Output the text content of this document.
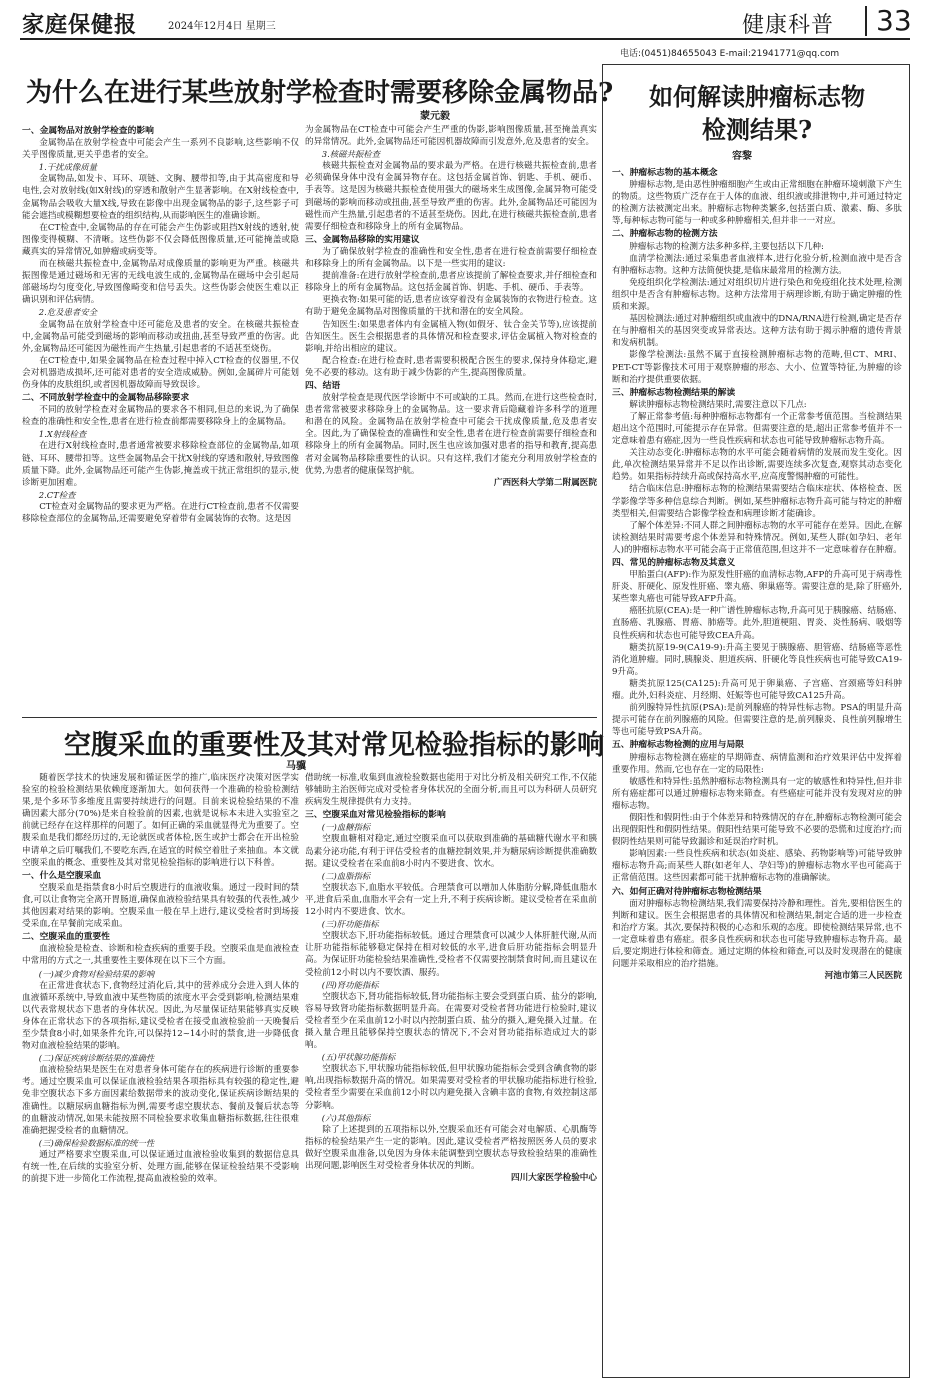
家庭保健报	2024年12月4日 星期三	健康科普 33
电话:(0451)84655043 E-mail:21941771@qq.com
为什么在进行某些放射学检查时需要移除金属物品?
蒙元毅
一、金属物品对放射学检查的影响

金属物品在放射学检查中可能会产生一系列不良影响,这些影响不仅关乎图像质量,更关乎患者的安全。

1.干扰成像质量

金属物品,如发卡、耳环、项链、文胸、腰带扣等,由于其高密度和导电性,会对放射线(如X射线)的穿透和散射产生显著影响。在X射线检查中,金属物品会吸收大量X线,导致在影像中出现金属物品的影子,这些影子可能会遮挡或模糊想要检查的组织结构,从而影响医生的准确诊断。

在CT检查中,金属物品的存在可能会产生伪影或阻挡X射线的透射,使图像变得模糊、不清晰。这些伪影不仅会降低图像质量,还可能掩盖或隐藏真实的异常情况,如肿瘤或病变等。

而在核磁共振检查中,金属物品对成像质量的影响更为严重。核磁共振图像是通过磁场和无害的无线电波生成的,金属物品在磁场中会引起局部磁场均匀度变化,导致图像畸变和信号丢失。这些伪影会使医生难以正确识别和评估病情。

2.危及患者安全

金属物品在放射学检查中还可能危及患者的安全。在核磁共振检查中,金属物品可能受到磁场的影响而移动或扭曲,甚至导致严重的伤害。此外,金属物品还可能因为磁性而产生热量,引起患者的不适甚至烧伤。

在CT检查中,如果金属物品在检查过程中掉入CT检查的仪器里,不仅会对机器造成损坏,还可能对患者的安全造成威胁。例如,金属碎片可能划伤身体的皮肤组织,或者因机器故障而导致误诊。

二、不同放射学检查中的金属物品移除要求

不同的放射学检查对金属物品的要求各不相同,但总的来说,为了确保检查的准确性和安全性,患者在进行检查前都需要移除身上的金属物品。

1.X射线检查

在进行X射线检查时,患者通常被要求移除检查部位的金属物品,如项链、耳环、腰带扣等。这些金属物品会干扰X射线的穿透和散射,导致图像质量下降。此外,金属物品还可能产生伪影,掩盖或干扰正常组织的显示,使诊断更加困难。

2.CT检查

CT检查对金属物品的要求更为严格。在进行CT检查前,患者不仅需要移除检查部位的金属物品,还需要避免穿着带有金属装饰的衣物。这是因

为金属物品在CT检查中可能会产生严重的伪影,影响图像质量,甚至掩盖真实的异常情况。此外,金属物品还可能因机器故障而引发意外,危及患者的安全。

3.核磁共振检查

核磁共振检查对金属物品的要求最为严格。在进行核磁共振检查前,患者必须确保身体中没有金属异物存在。这包括金属首饰、钥匙、手机、硬币、手表等。这是因为核磁共振检查使用强大的磁场来生成图像,金属异物可能受到磁场的影响而移动或扭曲,甚至导致严重的伤害。此外,金属物品还可能因为磁性而产生热量,引起患者的不适甚至烧伤。因此,在进行核磁共振检查前,患者需要仔细检查和移除身上的所有金属物品。

三、金属物品移除的实用建议

为了确保放射学检查的准确性和安全性,患者在进行检查前需要仔细检查和移除身上的所有金属物品。以下是一些实用的建议:

提前准备:在进行放射学检查前,患者应该提前了解检查要求,并仔细检查和移除身上的所有金属物品。这包括金属首饰、钥匙、手机、硬币、手表等。

更换衣物:如果可能的话,患者应该穿着没有金属装饰的衣物进行检查。这有助于避免金属物品对图像质量的干扰和潜在的安全风险。

告知医生:如果患者体内有金属植入物(如假牙、钛合金关节等),应该提前告知医生。医生会根据患者的具体情况和检查要求,评估金属植入物对检查的影响,并给出相应的建议。

配合检查:在进行检查时,患者需要积极配合医生的要求,保持身体稳定,避免不必要的移动。这有助于减少伪影的产生,提高图像质量。

四、结语

放射学检查是现代医学诊断中不可或缺的工具。然而,在进行这些检查时,患者常常被要求移除身上的金属物品。这一要求背后隐藏着许多科学的道理和潜在的风险。金属物品在放射学检查中可能会干扰成像质量,危及患者安全。因此,为了确保检查的准确性和安全性,患者在进行检查前需要仔细检查和移除身上的所有金属物品。同时,医生也应该加强对患者的指导和教育,提高患者对金属物品移除重要性的认识。只有这样,我们才能充分利用放射学检查的优势,为患者的健康保驾护航。

广西医科大学第二附属医院

空腹采血的重要性及其对常见检验指标的影响
马骥

随着医学技术的快速发展和循证医学的推广,临床医疗决策对医学实验室的检验检测结果依赖度逐渐加大。如何获得一个准确的检验检测结果,是个多环节多维度且需要持续进行的问题。目前来说检验结果的不准确因素大部分(70%)是来自检验前的因素,也就是说标本未进入实验室之前就已经存在这样那样的问题了。如何正确的采血就显得尤为重要了。空腹采血是我们都经历过的,无论就医或者体检,医生或护士都会在开出检验申请单之后叮嘱我们,不要吃东西,在适宜的时候空着肚子来抽血。本文就空腹采血的概念、重要性及其对常见检验指标的影响进行以下科普。

一、什么是空腹采血

空腹采血是指禁食8小时后空腹进行的血液收集。通过一段时间的禁食,可以让食物完全离开胃肠道,确保血液检验结果具有较强的代表性,减少其他因素对结果的影响。空腹采血一般在早上进行,建议受检者时到场接受采血,在早餐前完成采血。

二、空腹采血的重要性

血液检验是检查、诊断和检查疾病的重要手段。空腹采血是血液检查中常用的方式之一,其重要性主要体现在以下三个方面。

(一)减少食物对检验结果的影响

在正常进食状态下,食物经过消化后,其中的营养成分会进入到人体的血液循环系统中,导致血液中某些物质的浓度水平会受到影响,检测结果难以代表常规状态下患者的身体状况。因此,为尽量保证结果能够真实反映身体在正常状态下的各项指标,建议受检者在接受血液检验前一天晚餐后至少禁食8小时,如果条件允许,可以保持12~14小时的禁食,进一步降低食物对血液检验结果的影响。

(二)保证疾病诊断结果的准确性

血液检验结果是医生在对患者身体可能存在的疾病进行诊断的重要参考。通过空腹采血可以保证血液检验结果各项指标具有较强的稳定性,避免非空腹状态下多方面因素给数据带来的波动变化,保证疾病诊断结果的准确性。以糖尿病血糖指标为例,需要考虑空腹状态、餐前及餐后状态等的血糖波动情况,如果未能按照不同检验要求收集血糖指标数据,往往很难准确把握受检者的血糖情况。

(三)确保检验数据标准的统一性

通过严格要求空腹采血,可以保证通过血液检验收集到的数据信息具有统一性,在后续的实验室分析、处理方面,能够在保证检验结果不受影响的前提下进一步简化工作流程,提高血液检验的效率。

借助统一标准,收集到血液检验数据也能用于对比分析及相关研究工作,不仅能够辅助主治医师完成对受检者身体状况的全面分析,而且可以为科研人员研究疾病发生规律提供有力支持。

三、空腹采血对常见检验指标的影响
(一)血糖指标

空腹血糖相对稳定,通过空腹采血可以获取到准确的基础糖代谢水平和胰岛素分泌功能,有利于评估受检者的血糖控制效果,并为糖尿病诊断提供准确数据。建议受检者在采血前8小时内不要进食、饮水。

(二)血脂指标

空腹状态下,血脂水平较低。合理禁食可以增加人体脂肪分解,降低血脂水平,进食后采血,血脂水平会有一定上升,不利于疾病诊断。建议受检者在采血前12小时内不要进食、饮水。

(三)肝功能指标

空腹状态下,肝功能指标较低。通过合理禁食可以减少人体肝脏代谢,从而让肝功能指标能够稳定保持在相对较低的水平,进食后肝功能指标会明显升高。为保证肝功能检验结果准确性,受检者不仅需要控制禁食时间,而且建议在受检前12小时以内不要饮酒、服药。

(四)肾功能指标

空腹状态下,肾功能指标较低,肾功能指标主要会受到蛋白质、盐分的影响,容易导致肾功能指标数据明显升高。在需要对受检者肾功能进行检验时,建议受检者至少在采血前12小时以内控制蛋白质、盐分的摄入,避免摄入过量。在摄入量合理且能够保持空腹状态的情况下,不会对肾功能指标造成过大的影响。

(五)甲状腺功能指标

空腹状态下,甲状腺功能指标较低,但甲状腺功能指标会受到含碘食物的影响,出现指标数据升高的情况。如果需要对受检者的甲状腺功能指标进行检验,受检者至少需要在采血前12小时以内避免摄入含碘丰富的食物,有效控制这部分影响。

(六)其他指标

除了上述提到的五项指标以外,空腹采血还有可能会对电解质、心肌酶等指标的检验结果产生一定的影响。因此,建议受检者严格按照医务人员的要求做好空腹采血准备,以免因为身体未能调整到空腹状态导致检验结果的准确性出现问题,影响医生对受检者身体状况的判断。

四川大家医学检验中心

如何解读肿瘤标志物
检测结果?
容黎
一、肿瘤标志物的基本概念

肿瘤标志物,是由恶性肿瘤细胞产生或由正常细胞在肿瘤环境刺激下产生的物质。这些物质广泛存在于人体的血液、组织液或排泄物中,并可通过特定的检测方法被测定出来。肿瘤标志物种类繁多,包括蛋白质、激素、酶、多肽等,每种标志物可能与一种或多种肿瘤相关,但并非一一对应。

二、肿瘤标志物的检测方法

肿瘤标志物的检测方法多种多样,主要包括以下几种:

血清学检测法:通过采集患者血液样本,进行化验分析,检测血液中是否含有肿瘤标志物。这种方法简便快捷,是临床最常用的检测方法。

免疫组织化学检测法:通过对组织切片进行染色和免疫组化技术处理,检测组织中是否含有肿瘤标志物。这种方法常用于病理诊断,有助于确定肿瘤的性质和来源。

基因检测法:通过对肿瘤组织或血液中的DNA/RNA进行检测,确定是否存在与肿瘤相关的基因突变或异常表达。这种方法有助于揭示肿瘤的遗传背景和发病机制。

影像学检测法:虽然不属于直接检测肿瘤标志物的范畴,但CT、MRI、PET-CT等影像技术可用于观察肿瘤的形态、大小、位置等特征,为肿瘤的诊断和治疗提供重要依据。

三、肿瘤标志物检测结果的解读

解读肿瘤标志物检测结果时,需要注意以下几点:

了解正常参考值:每种肿瘤标志物都有一个正常参考值范围。当检测结果超出这个范围时,可能提示存在异常。但需要注意的是,超出正常参考值并不一定意味着患有癌症,因为一些良性疾病和状态也可能导致肿瘤标志物升高。

关注动态变化:肿瘤标志物的水平可能会随着病情的发展而发生变化。因此,单次检测结果异常并不足以作出诊断,需要连续多次复查,观察其动态变化趋势。如果指标持续升高或保持高水平,应高度警惕肿瘤的可能性。

结合临床信息:肿瘤标志物的检测结果需要结合临床症状、体格检查、医学影像学等多种信息综合判断。例如,某些肿瘤标志物升高可能与特定的肿瘤类型相关,但需要结合影像学检查和病理诊断才能确诊。

了解个体差异:不同人群之间肿瘤标志物的水平可能存在差异。因此,在解读检测结果时需要考虑个体差异和特殊情况。例如,某些人群(如孕妇、老年人)的肿瘤标志物水平可能会高于正常值范围,但这并不一定意味着存在肿瘤。

四、常见的肿瘤标志物及其意义

甲胎蛋白(AFP):作为原发性肝癌的血清标志物,AFP的升高可见于病毒性肝炎、肝硬化、原发性肝癌、睾丸癌、卵巢癌等。需要注意的是,除了肝癌外,某些睾丸癌也可能导致AFP升高。

癌胚抗原(CEA):是一种广谱性肿瘤标志物,升高可见于胰腺癌、结肠癌、直肠癌、乳腺癌、胃癌、肺癌等。此外,胆道梗阻、胃炎、炎性肠病、吸烟等良性疾病和状态也可能导致CEA升高。

糖类抗原19-9(CA19-9):升高主要见于胰腺癌、胆管癌、结肠癌等恶性消化道肿瘤。同时,胰腺炎、胆道疾病、肝硬化等良性疾病也可能导致CA19-9升高。

糖类抗原125(CA125):升高可见于卵巢癌、子宫癌、宫颈癌等妇科肿瘤。此外,妇科炎症、月经期、妊娠等也可能导致CA125升高。

前列腺特异性抗原(PSA):是前列腺癌的特异性标志物。PSA的明显升高提示可能存在前列腺癌的风险。但需要注意的是,前列腺炎、良性前列腺增生等也可能导致PSA升高。

五、肿瘤标志物检测的应用与局限

肿瘤标志物检测在癌症的早期筛查、病情监测和治疗效果评估中发挥着重要作用。然而,它也存在一定的局限性:

敏感性和特异性:虽然肿瘤标志物检测具有一定的敏感性和特异性,但并非所有癌症都可以通过肿瘤标志物来筛查。有些癌症可能并没有发现对应的肿瘤标志物。

假阳性和假阴性:由于个体差异和特殊情况的存在,肿瘤标志物检测可能会出现假阳性和假阴性结果。假阳性结果可能导致不必要的恐慌和过度治疗;而假阴性结果则可能导致漏诊和延误治疗时机。

影响因素:一些良性疾病和状态(如炎症、感染、药物影响等)可能导致肿瘤标志物升高;而某些人群(如老年人、孕妇等)的肿瘤标志物水平也可能高于正常值范围。这些因素都可能干扰肿瘤标志物的准确解读。

六、如何正确对待肿瘤标志物检测结果

面对肿瘤标志物检测结果,我们需要保持冷静和理性。首先,要相信医生的判断和建议。医生会根据患者的具体情况和检测结果,制定合适的进一步检查和治疗方案。其次,要保持积极的心态和乐观的态度。即使检测结果异常,也不一定意味着患有癌症。很多良性疾病和状态也可能导致肿瘤标志物升高。最后,要定期进行体检和筛查。通过定期的体检和筛查,可以及时发现潜在的健康问题并采取相应的治疗措施。

河池市第三人民医院
